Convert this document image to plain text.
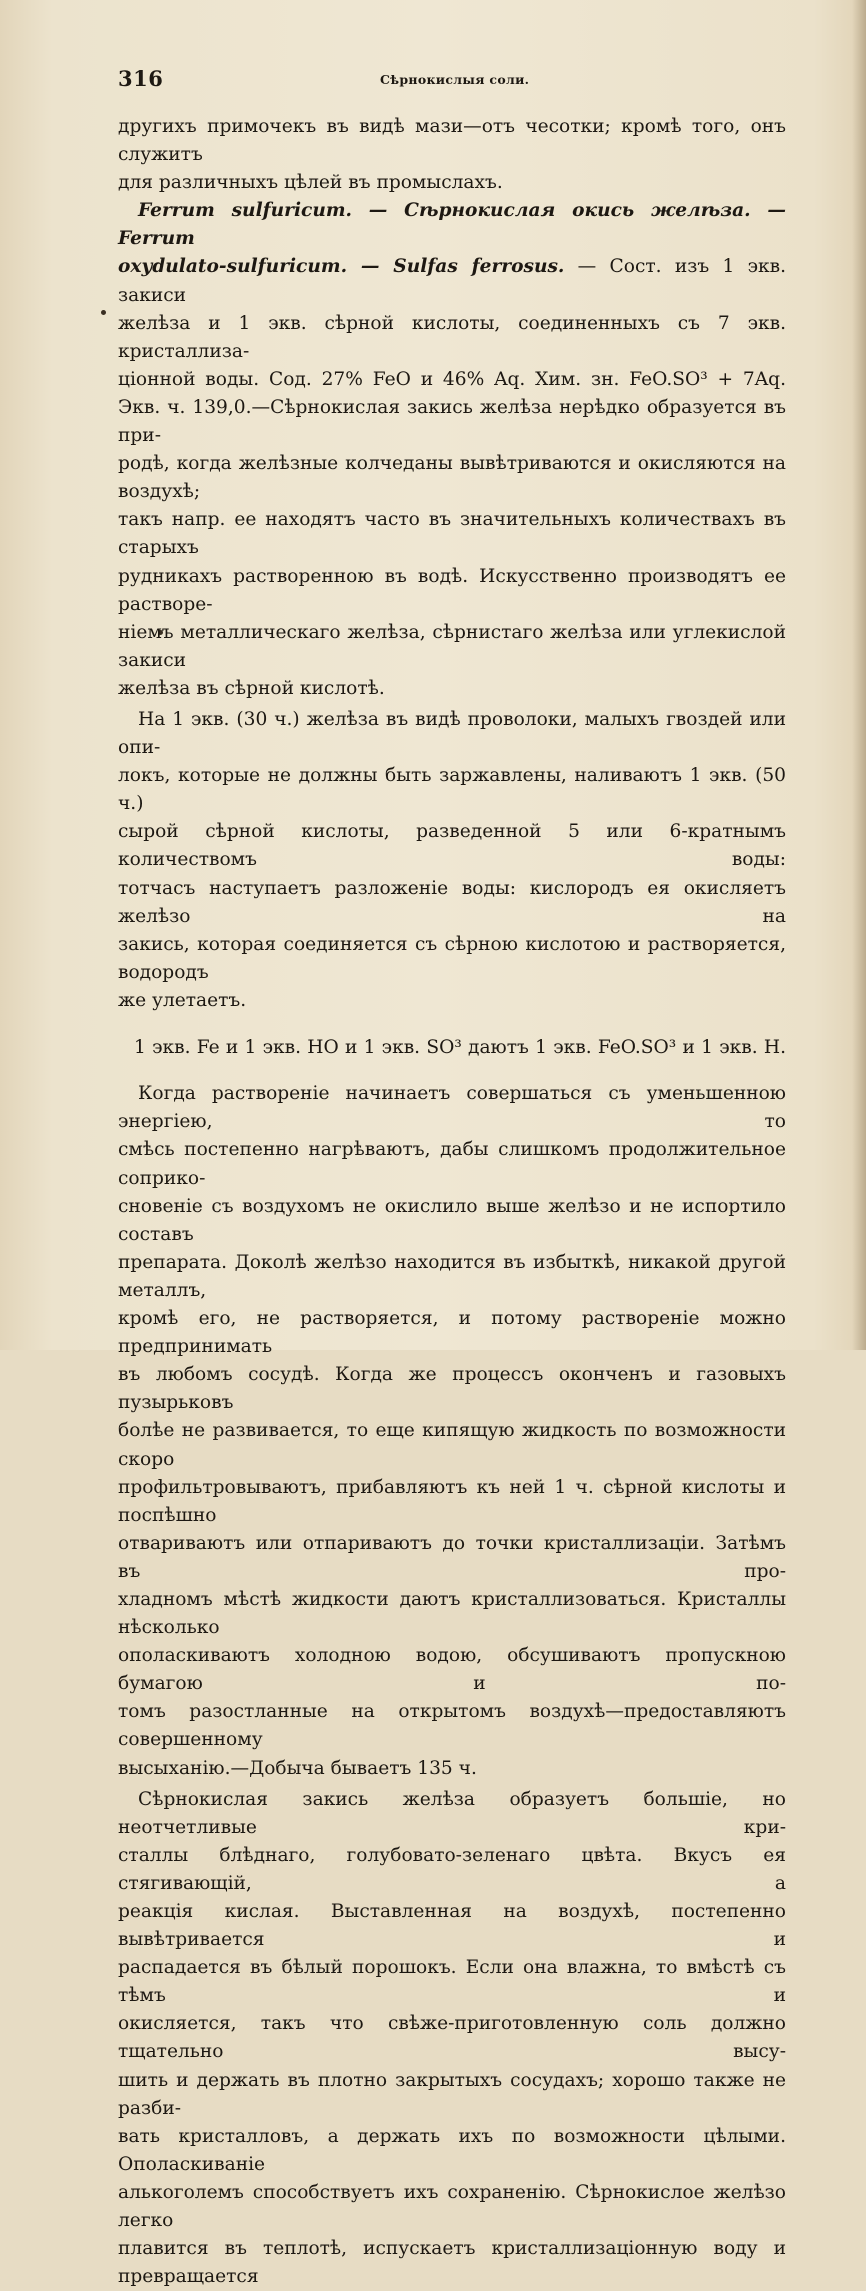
316	Сѣрнокислыя соли.

другихъ примочекъ въ видѣ мази—отъ чесотки; кромѣ того, онъ служитъ

для различныхъ цѣлей въ промыслахъ.

Ferrum sulfuricum. — Сѣрнокислая окись желѣза. — Ferrum

oxydulato-sulfuricum. — Sulfas ferrosus. — Сост. изъ 1 экв. закиси

желѣза и 1 экв. сѣрной кислоты, соединенныхъ съ 7 экв. кристаллиза-

ціонной воды. Сод. 27% FeO и 46% Aq. Хим. зн. FeO.SO³ + 7Aq.

Экв. ч. 139,0.—Сѣрнокислая закись желѣза нерѣдко образуется въ при-

родѣ, когда желѣзные колчеданы вывѣтриваются и окисляются на воздухѣ;

такъ напр. ее находятъ часто въ значительныхъ количествахъ въ старыхъ

рудникахъ растворенною въ водѣ. Искусственно производятъ ее растворе-

ніемъ металлическаго желѣза, сѣрнистаго желѣза или углекислой закиси

желѣза въ сѣрной кислотѣ.

На 1 экв. (30 ч.) желѣза въ видѣ проволоки, малыхъ гвоздей или опи-

локъ, которые не должны быть заржавлены, наливаютъ 1 экв. (50 ч.)

сырой сѣрной кислоты, разведенной 5 или 6-кратнымъ количествомъ воды:

тотчасъ наступаетъ разложеніе воды: кислородъ ея окисляетъ желѣзо на

закись, которая соединяется съ сѣрною кислотою и растворяется, водородъ

же улетаетъ.

1 экв. Fe и 1 экв. HO и 1 экв. SO³ даютъ 1 экв. FeO.SO³ и 1 экв. H.

Когда раствореніе начинаетъ совершаться съ уменьшенною энергіею, то

смѣсь постепенно нагрѣваютъ, дабы слишкомъ продолжительное соприко-

сновеніе съ воздухомъ не окислило выше желѣзо и не испортило составъ

препарата. Доколѣ желѣзо находится въ избыткѣ, никакой другой металлъ,

кромѣ его, не растворяется, и потому раствореніе можно предпринимать

въ любомъ сосудѣ. Когда же процессъ оконченъ и газовыхъ пузырьковъ

болѣе не развивается, то еще кипящую жидкость по возможности скоро

профильтровываютъ, прибавляютъ къ ней 1 ч. сѣрной кислоты и поспѣшно

отвариваютъ или отпариваютъ до точки кристаллизаціи. Затѣмъ въ про-

хладномъ мѣстѣ жидкости даютъ кристаллизоваться. Кристаллы нѣсколько

ополаскиваютъ холодною водою, обсушиваютъ пропускною бумагою и по-

томъ разостланные на открытомъ воздухѣ—предоставляютъ совершенному

высыханію.—Добыча бываетъ 135 ч.

Сѣрнокислая закись желѣза образуетъ большіе, но неотчетливые кри-

сталлы блѣднаго, голубовато-зеленаго цвѣта. Вкусъ ея стягивающій, а

реакція кислая. Выставленная на воздухѣ, постепенно вывѣтривается и

распадается въ бѣлый порошокъ. Если она влажна, то вмѣстѣ съ тѣмъ и

окисляется, такъ что свѣже-приготовленную соль должно тщательно высу-

шить и держать въ плотно закрытыхъ сосудахъ; хорошо также не разби-

вать кристалловъ, а держать ихъ по возможности цѣлыми. Ополаскиваніе

алькоголемъ способствуетъ ихъ сохраненію. Сѣрнокислое желѣзо легко

плавится въ теплотѣ, испускаетъ кристаллизаціонную воду и превращается
